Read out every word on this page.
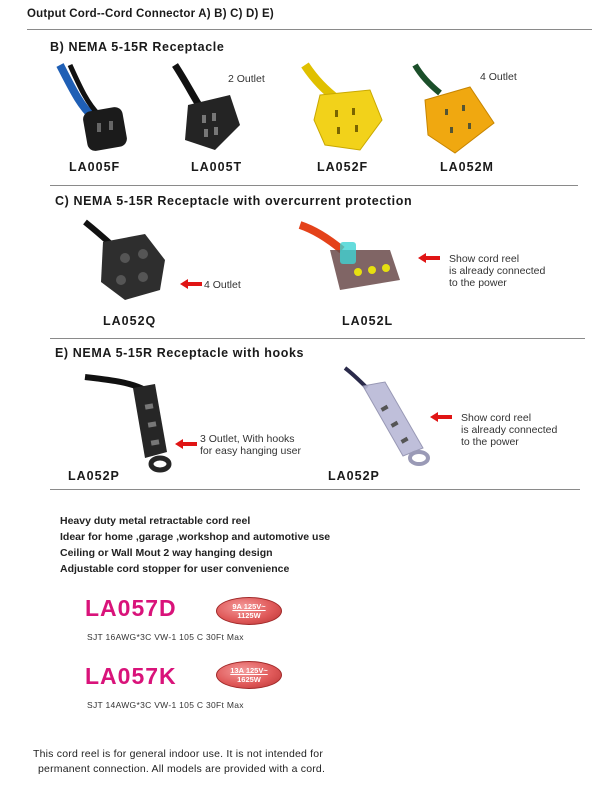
Output Cord--Cord Connector A) B) C) D) E)
B) NEMA 5-15R Receptacle
2 Outlet	4 Outlet
LA005F	LA005T	LA052F	LA052M
C) NEMA 5-15R Receptacle with overcurrent protection
4 Outlet
Show cord reel
is already connected
to the power
LA052Q	LA052L
E) NEMA 5-15R Receptacle with hooks
3 Outlet, With hooks
for easy hanging user
Show cord reel
is already connected
to the power
LA052P	LA052P
Heavy duty metal retractable cord reel
Idear for home ,garage ,workshop and automotive use
Ceiling or Wall Mout 2 way hanging design
Adjustable cord stopper for user convenience
LA057D	9A 125V~
1125W
SJT 16AWG*3C VW-1 105 C 30Ft Max
LA057K	13A 125V~
1625W
SJT 14AWG*3C VW-1 105 C 30Ft Max
This cord reel is for general indoor use. It is not intended for
permanent connection. All models are provided with a cord.
